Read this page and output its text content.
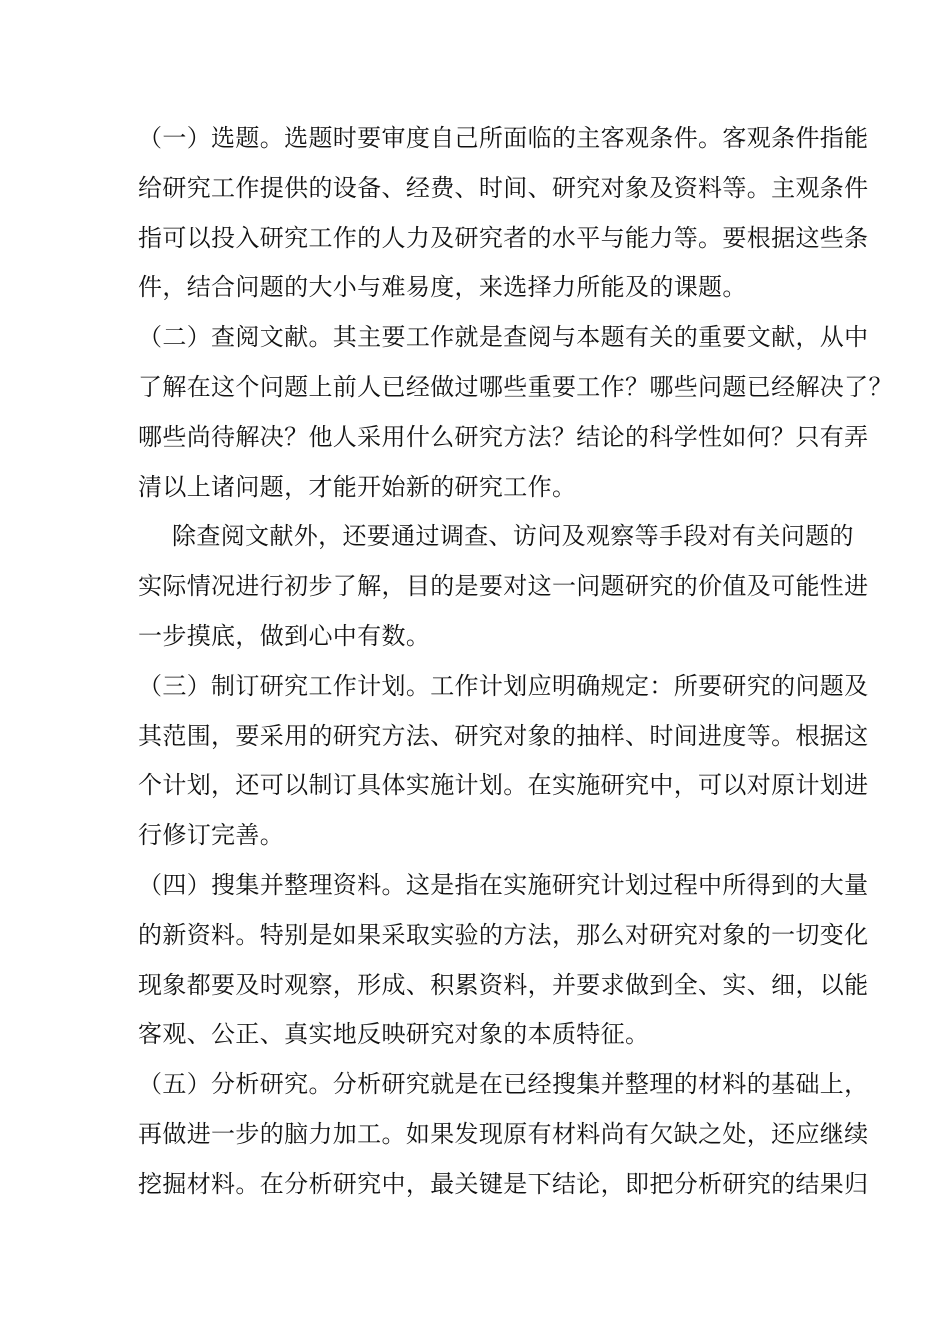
（一）选题。选题时要审度自己所面临的主客观条件。客观条件指能
给研究工作提供的设备、经费、时间、研究对象及资料等。主观条件
指可以投入研究工作的人力及研究者的水平与能力等。要根据这些条
件，结合问题的大小与难易度，来选择力所能及的课题。
（二）查阅文献。其主要工作就是查阅与本题有关的重要文献，从中
了解在这个问题上前人已经做过哪些重要工作？哪些问题已经解决了？
哪些尚待解决？他人采用什么研究方法？结论的科学性如何？只有弄
清以上诸问题，才能开始新的研究工作。
除查阅文献外，还要通过调查、访问及观察等手段对有关问题的
实际情况进行初步了解，目的是要对这一问题研究的价值及可能性进
一步摸底，做到心中有数。
（三）制订研究工作计划。工作计划应明确规定：所要研究的问题及
其范围，要采用的研究方法、研究对象的抽样、时间进度等。根据这
个计划，还可以制订具体实施计划。在实施研究中，可以对原计划进
行修订完善。
（四）搜集并整理资料。这是指在实施研究计划过程中所得到的大量
的新资料。特别是如果采取实验的方法，那么对研究对象的一切变化
现象都要及时观察，形成、积累资料，并要求做到全、实、细，以能
客观、公正、真实地反映研究对象的本质特征。
（五）分析研究。分析研究就是在已经搜集并整理的材料的基础上，
再做进一步的脑力加工。如果发现原有材料尚有欠缺之处，还应继续
挖掘材料。在分析研究中，最关键是下结论，即把分析研究的结果归
